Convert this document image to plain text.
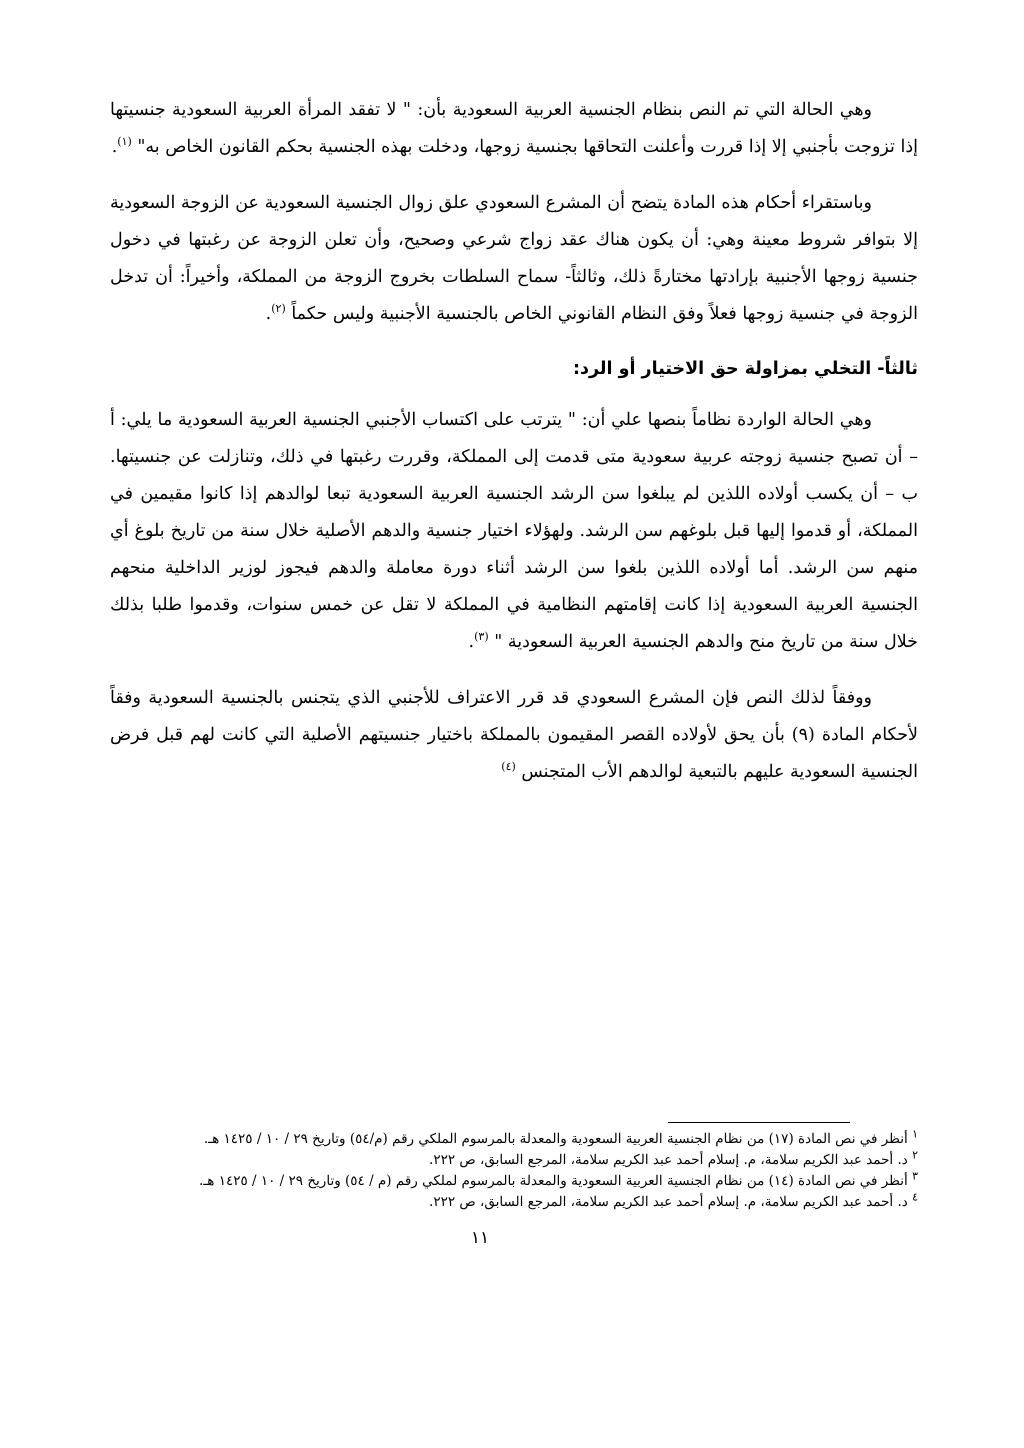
وهي الحالة التي تم النص بنظام الجنسية العربية السعودية بأن: " لا تفقد المرأة العربية السعودية جنسيتها إذا تزوجت بأجنبي إلا إذا قررت وأعلنت التحاقها بجنسية زوجها، ودخلت بهذه الجنسية بحكم القانون الخاص به" $^{(١)}$.

وباستقراء أحكام هذه المادة يتضح أن المشرع السعودي علق زوال الجنسية السعودية عن الزوجة السعودية إلا بتوافر شروط معينة وهي: أن يكون هناك عقد زواج شرعي وصحيح، وأن تعلن الزوجة عن رغبتها في دخول جنسية زوجها الأجنبية بإرادتها مختارةً ذلك، وثالثاً- سماح السلطات بخروج الزوجة من المملكة، وأخيراً: أن تدخل الزوجة في جنسية زوجها فعلاً وفق النظام القانوني الخاص بالجنسية الأجنبية وليس حكماً $^{(٢)}$.

ثالثاً- التخلي بمزاولة حق الاختيار أو الرد:

وهي الحالة الواردة نظاماً بنصها علي أن: " يترتب على اكتساب الأجنبي الجنسية العربية السعودية ما يلي: أ – أن تصبح جنسية زوجته عربية سعودية متى قدمت إلى المملكة، وقررت رغبتها في ذلك، وتنازلت عن جنسيتها. ب – أن يكسب أولاده اللذين لم يبلغوا سن الرشد الجنسية العربية السعودية تبعا لوالدهم إذا كانوا مقيمين في المملكة، أو قدموا إليها قبل بلوغهم سن الرشد. ولهؤلاء اختيار جنسية والدهم الأصلية خلال سنة من تاريخ بلوغ أي منهم سن الرشد. أما أولاده اللذين بلغوا سن الرشد أثناء دورة معاملة والدهم فيجوز لوزير الداخلية منحهم الجنسية العربية السعودية إذا كانت إقامتهم النظامية في المملكة لا تقل عن خمس سنوات، وقدموا طلبا بذلك خلال سنة من تاريخ منح والدهم الجنسية العربية السعودية " $^{(٣)}$.

ووفقاً لذلك النص فإن المشرع السعودي قد قرر الاعتراف للأجنبي الذي يتجنس بالجنسية السعودية وفقاً لأحكام المادة (٩) بأن يحق لأولاده القصر المقيمون بالمملكة باختيار جنسيتهم الأصلية التي كانت لهم قبل فرض الجنسية السعودية عليهم بالتبعية لوالدهم الأب المتجنس $^{(٤)}$

$^١$ أنظر في نص المادة (١٧) من نظام الجنسية العربية السعودية والمعدلة بالمرسوم الملكي رقم (م/٥٤) وتاريخ ٢٩ / ١٠ / ١٤٢٥ هـ.

$^٢$ د. أحمد عبد الكريم سلامة، م. إسلام أحمد عبد الكريم سلامة، المرجع السابق، ص ٢٢٢.

$^٣$ أنظر في نص المادة (١٤) من نظام الجنسية العربية السعودية والمعدلة بالمرسوم لملكي رقم (م / ٥٤) وتاريخ ٢٩ / ١٠ / ١٤٢٥ هـ.

$^٤$ د. أحمد عبد الكريم سلامة، م. إسلام أحمد عبد الكريم سلامة، المرجع السابق، ص ٢٢٢.

١١
